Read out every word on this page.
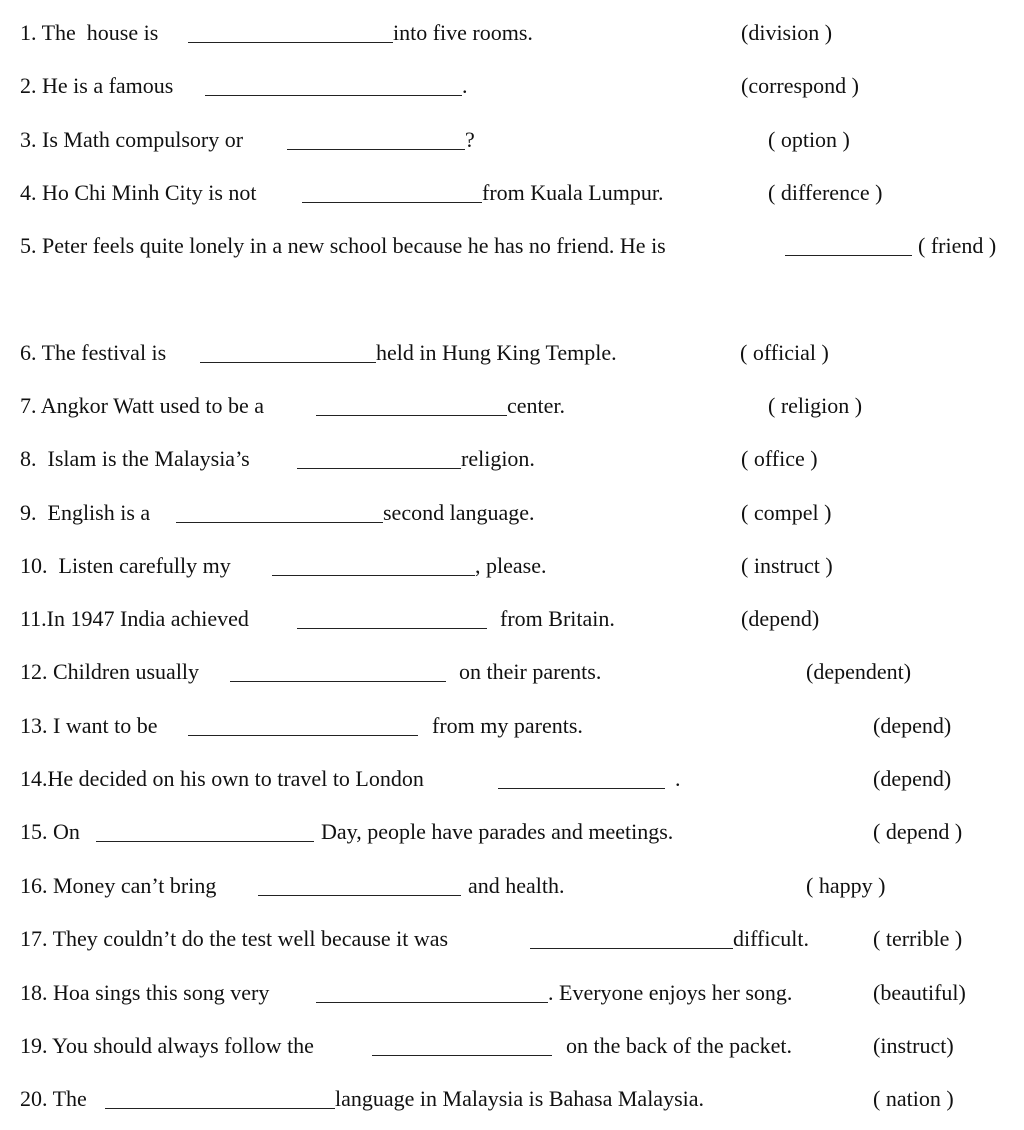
1. The  house is	into five rooms.	(division )
2. He is a famous	.	(correspond )
3. Is Math compulsory or	?	( option )
4. Ho Chi Minh City is not	from Kuala Lumpur.	( difference )
5. Peter feels quite lonely in a new school because he has no friend. He is	( friend )
6. The festival is	held in Hung King Temple.	( official )
7. Angkor Watt used to be a	center.	( religion )
8.  Islam is the Malaysia’s	religion.	( office )
9.  English is a	second language.	( compel )
10.  Listen carefully my	, please.	( instruct )
11.In 1947 India achieved	from Britain.	(depend)
12. Children usually	on their parents.	(dependent)
13. I want to be	from my parents.	(depend)
14.He decided on his own to travel to London	.	(depend)
15. On	Day, people have parades and meetings.	( depend )
16. Money can’t bring	and health.	( happy )
17. They couldn’t do the test well because it was	difficult.	( terrible )
18. Hoa sings this song very	. Everyone enjoys her song.	(beautiful)
19. You should always follow the	on the back of the packet.	(instruct)
20. The	language in Malaysia is Bahasa Malaysia.	( nation )
